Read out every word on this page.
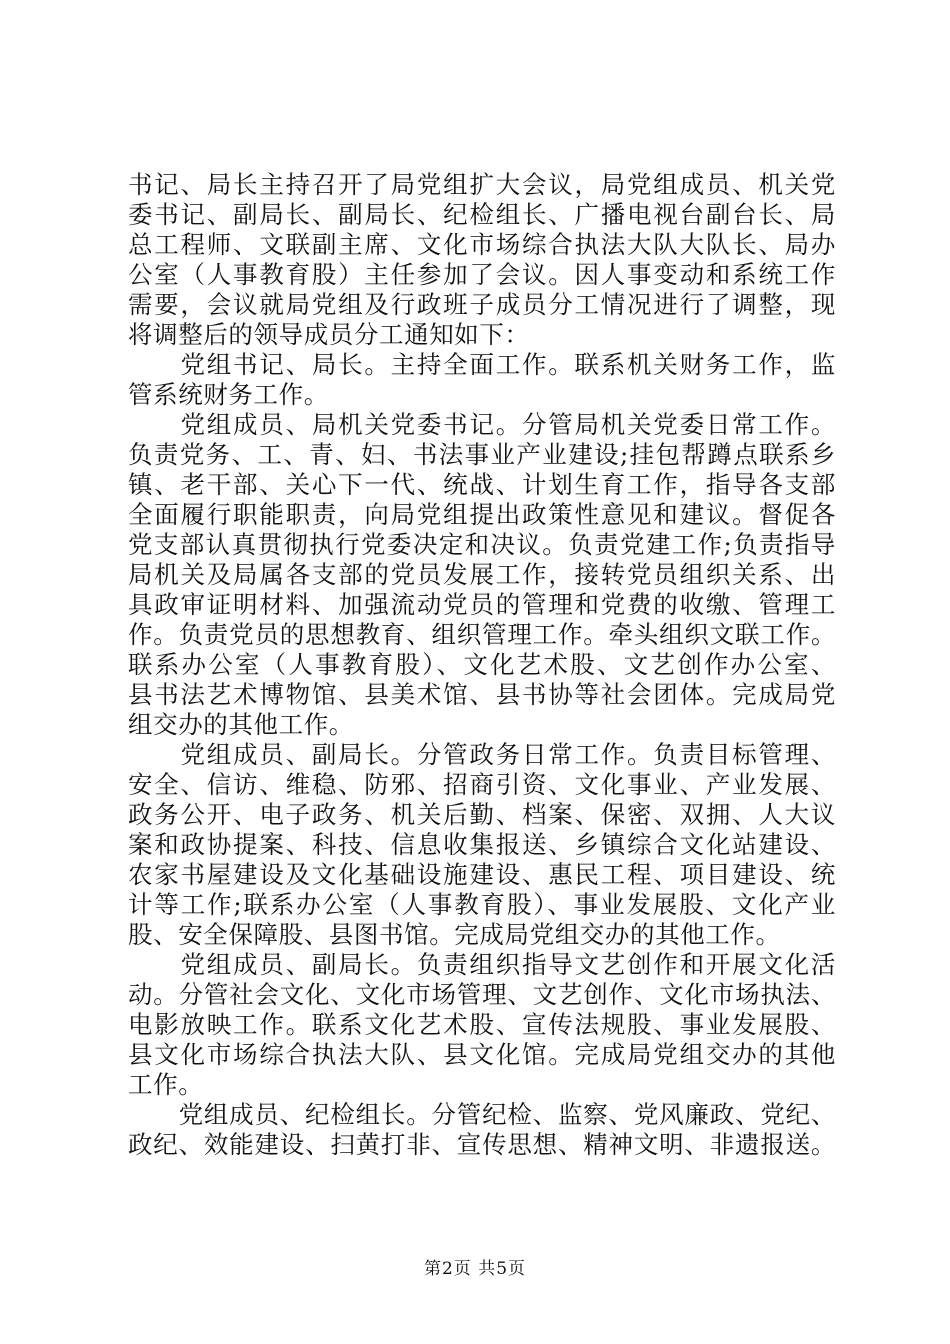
书记、局长主持召开了局党组扩大会议，局党组成员、机关党
委书记、副局长、副局长、纪检组长、广播电视台副台长、局
总工程师、文联副主席、文化市场综合执法大队大队长、局办
公室（人事教育股）主任参加了会议。因人事变动和系统工作
需要，会议就局党组及行政班子成员分工情况进行了调整，现
将调整后的领导成员分工通知如下：
　　党组书记、局长。主持全面工作。联系机关财务工作，监
管系统财务工作。
　　党组成员、局机关党委书记。分管局机关党委日常工作。
负责党务、工、青、妇、书法事业产业建设;挂包帮蹲点联系乡
镇、老干部、关心下一代、统战、计划生育工作，指导各支部
全面履行职能职责，向局党组提出政策性意见和建议。督促各
党支部认真贯彻执行党委决定和决议。负责党建工作;负责指导
局机关及局属各支部的党员发展工作，接转党员组织关系、出
具政审证明材料、加强流动党员的管理和党费的收缴、管理工
作。负责党员的思想教育、组织管理工作。牵头组织文联工作。
联系办公室（人事教育股）、文化艺术股、文艺创作办公室、
县书法艺术博物馆、县美术馆、县书协等社会团体。完成局党
组交办的其他工作。
　　党组成员、副局长。分管政务日常工作。负责目标管理、
安全、信访、维稳、防邪、招商引资、文化事业、产业发展、
政务公开、电子政务、机关后勤、档案、保密、双拥、人大议
案和政协提案、科技、信息收集报送、乡镇综合文化站建设、
农家书屋建设及文化基础设施建设、惠民工程、项目建设、统
计等工作;联系办公室（人事教育股）、事业发展股、文化产业
股、安全保障股、县图书馆。完成局党组交办的其他工作。
　　党组成员、副局长。负责组织指导文艺创作和开展文化活
动。分管社会文化、文化市场管理、文艺创作、文化市场执法、
电影放映工作。联系文化艺术股、宣传法规股、事业发展股、
县文化市场综合执法大队、县文化馆。完成局党组交办的其他
工作。
　　党组成员、纪检组长。分管纪检、监察、党风廉政、党纪、
政纪、效能建设、扫黄打非、宣传思想、精神文明、非遗报送。
第2页 共5页
